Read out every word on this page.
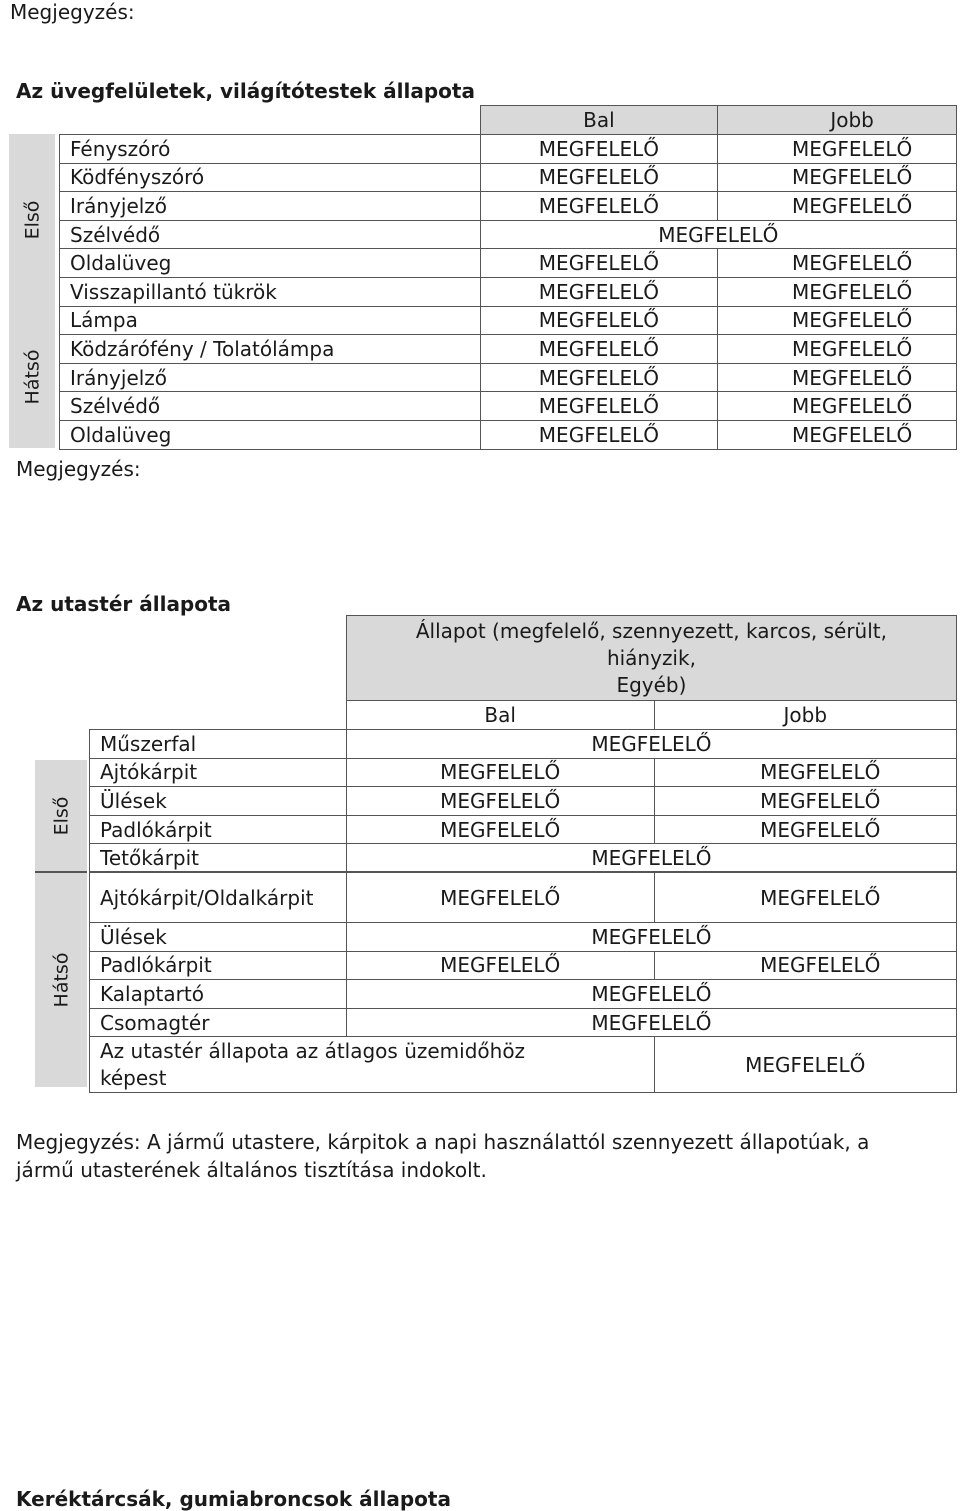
Megjegyzés:
Az üvegfelületek, világítótestek állapota
Első
Hátsó
	Bal	Jobb
Fényszóró	MEGFELELŐ	MEGFELELŐ
Ködfényszóró	MEGFELELŐ	MEGFELELŐ
Irányjelző	MEGFELELŐ	MEGFELELŐ
Szélvédő	MEGFELELŐ	
Oldalüveg	MEGFELELŐ	MEGFELELŐ
Visszapillantó tükrök	MEGFELELŐ	MEGFELELŐ
Lámpa	MEGFELELŐ	MEGFELELŐ
Ködzárófény / Tolatólámpa	MEGFELELŐ	MEGFELELŐ
Irányjelző	MEGFELELŐ	MEGFELELŐ
Szélvédő	MEGFELELŐ	MEGFELELŐ
Oldalüveg	MEGFELELŐ	MEGFELELŐ
Megjegyzés:
Az utastér állapota
Első
Hátsó

	Állapot (megfelelő, szennyezett, karcos, sérült,
hiányzik,
Egyéb)	

	Bal	Jobb
Műszerfal	MEGFELELŐ	
Ajtókárpit	MEGFELELŐ	MEGFELELŐ
Ülések	MEGFELELŐ	MEGFELELŐ
Padlókárpit	MEGFELELŐ	MEGFELELŐ
Tetőkárpit	MEGFELELŐ	
Ajtókárpit/Oldalkárpit	MEGFELELŐ	MEGFELELŐ
Ülések	MEGFELELŐ	
Padlókárpit	MEGFELELŐ	MEGFELELŐ
Kalaptartó	MEGFELELŐ	
Csomagtér	MEGFELELŐ	

Az utastér állapota az átlagos üzemidőhöz
képest		MEGFELELŐ
Megjegyzés: A jármű utastere, kárpitok a napi használattól szennyezett állapotúak, a
jármű utasterének általános tisztítása indokolt.
Keréktárcsák, gumiabroncsok állapota
